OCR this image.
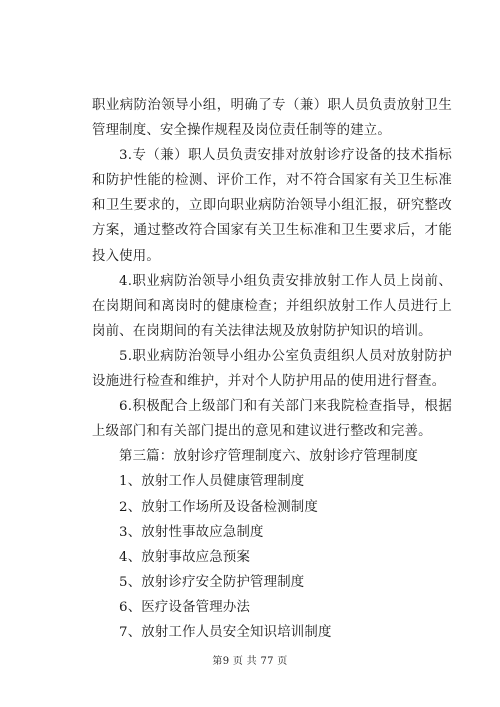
职业病防治领导小组，明确了专（兼）职人员负责放射卫生管理制度、安全操作规程及岗位责任制等的建立。

3.专（兼）职人员负责安排对放射诊疗设备的技术指标和防护性能的检测、评价工作，对不符合国家有关卫生标准和卫生要求的，立即向职业病防治领导小组汇报，研究整改方案，通过整改符合国家有关卫生标准和卫生要求后，才能投入使用。

4.职业病防治领导小组负责安排放射工作人员上岗前、在岗期间和离岗时的健康检查；并组织放射工作人员进行上岗前、在岗期间的有关法律法规及放射防护知识的培训。

5.职业病防治领导小组办公室负责组织人员对放射防护设施进行检查和维护，并对个人防护用品的使用进行督查。

6.积极配合上级部门和有关部门来我院检查指导，根据上级部门和有关部门提出的意见和建议进行整改和完善。

第三篇：放射诊疗管理制度六、放射诊疗管理制度

1、放射工作人员健康管理制度
2、放射工作场所及设备检测制度
3、放射性事故应急制度
4、放射事故应急预案
5、放射诊疗安全防护管理制度
6、医疗设备管理办法
7、放射工作人员安全知识培训制度
第9 页 共 77 页
